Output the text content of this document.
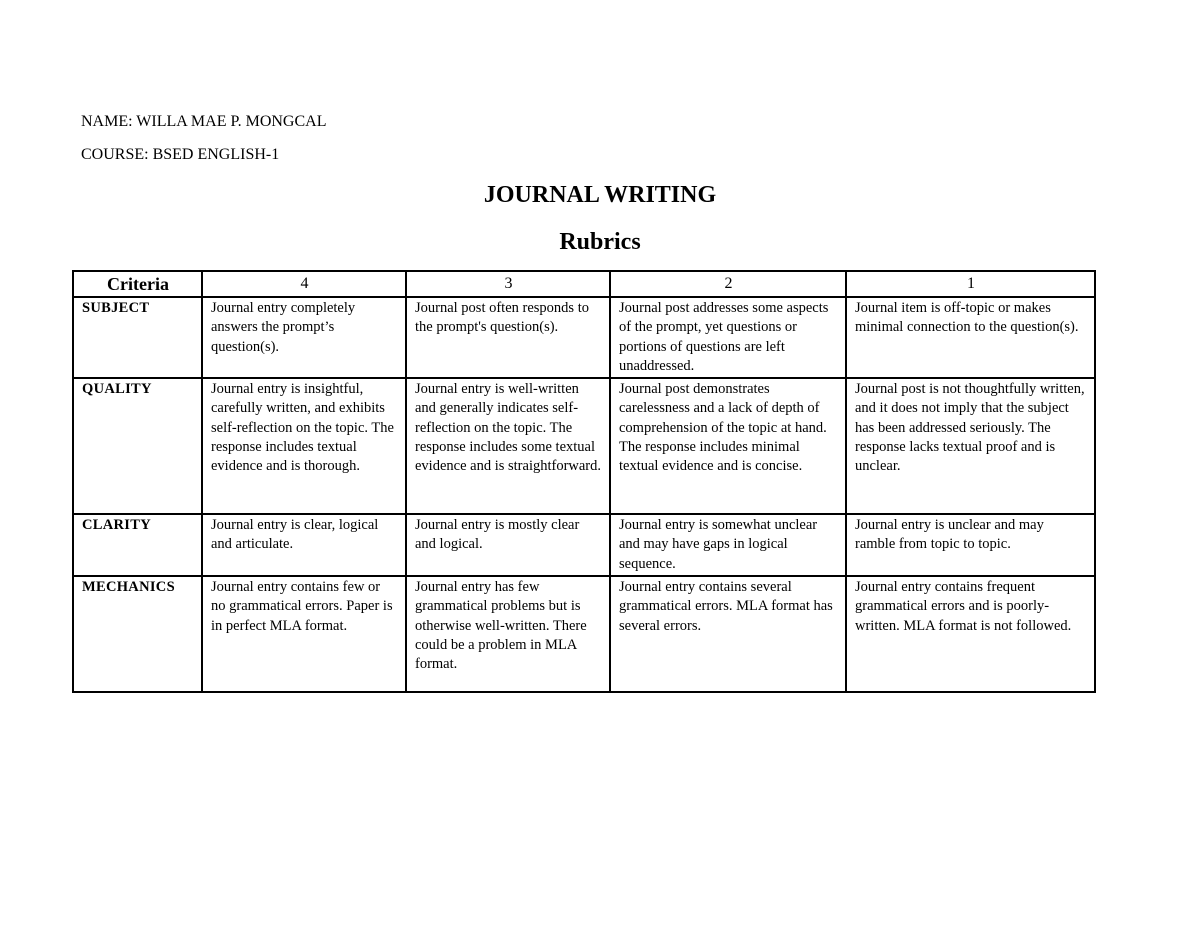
NAME: WILLA MAE P. MONGCAL
COURSE: BSED ENGLISH-1
JOURNAL WRITING
Rubrics
Criteria	4	3	2	1
SUBJECT	Journal entry completely answers the prompt’s question(s).	Journal post often responds to the prompt's question(s).	Journal post addresses some aspects of the prompt, yet questions or portions of questions are left unaddressed.	Journal item is off-topic or makes minimal connection to the question(s).
QUALITY	Journal entry is insightful, carefully written, and exhibits self-reflection on the topic. The response includes textual evidence and is thorough.	Journal entry is well-written and generally indicates self-reflection on the topic. The response includes some textual evidence and is straightforward.	Journal post demonstrates carelessness and a lack of depth of comprehension of the topic at hand. The response includes minimal textual evidence and is concise.	Journal post is not thoughtfully written, and it does not imply that the subject has been addressed seriously. The response lacks textual proof and is unclear.
CLARITY	Journal entry is clear, logical and articulate.	Journal entry is mostly clear and logical.	Journal entry is somewhat unclear and may have gaps in logical sequence.	Journal entry is unclear and may ramble from topic to topic.
MECHANICS	Journal entry contains few or no grammatical errors. Paper is in perfect MLA format.	Journal entry has few grammatical problems but is otherwise well-written. There could be a problem in MLA format.	Journal entry contains several grammatical errors. MLA format has several errors.	Journal entry contains frequent grammatical errors and is poorly-written. MLA format is not followed.
